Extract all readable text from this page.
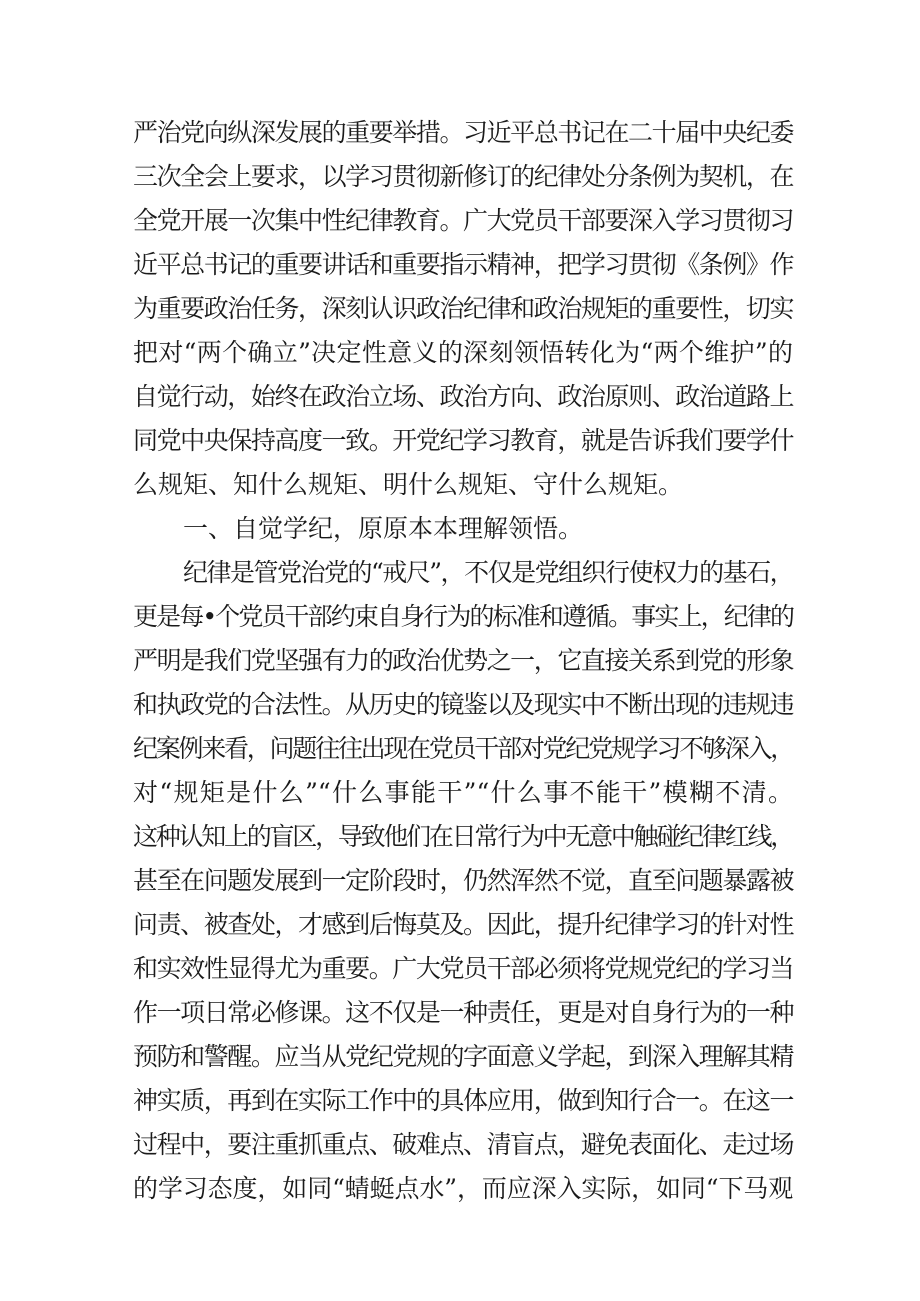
严治党向纵深发展的重要举措。习近平总书记在二十届中央纪委
三次全会上要求，以学习贯彻新修订的纪律处分条例为契机，在
全党开展一次集中性纪律教育。广大党员干部要深入学习贯彻习
近平总书记的重要讲话和重要指示精神，把学习贯彻《条例》作
为重要政治任务，深刻认识政治纪律和政治规矩的重要性，切实
把对“两个确立”决定性意义的深刻领悟转化为“两个维护”的
自觉行动，始终在政治立场、政治方向、政治原则、政治道路上
同党中央保持高度一致。开党纪学习教育，就是告诉我们要学什
么规矩、知什么规矩、明什么规矩、守什么规矩。
一、自觉学纪，原原本本理解领悟。
纪律是管党治党的“戒尺”，不仅是党组织行使权力的基石，
更是每•个党员干部约束自身行为的标准和遵循。事实上，纪律的
严明是我们党坚强有力的政治优势之一，它直接关系到党的形象
和执政党的合法性。从历史的镜鉴以及现实中不断出现的违规违
纪案例来看，问题往往出现在党员干部对党纪党规学习不够深入，
对“规矩是什么”“什么事能干”“什么事不能干”模糊不清。
这种认知上的盲区，导致他们在日常行为中无意中触碰纪律红线，
甚至在问题发展到一定阶段时，仍然浑然不觉，直至问题暴露被
问责、被查处，才感到后悔莫及。因此，提升纪律学习的针对性
和实效性显得尤为重要。广大党员干部必须将党规党纪的学习当
作一项日常必修课。这不仅是一种责任，更是对自身行为的一种
预防和警醒。应当从党纪党规的字面意义学起，到深入理解其精
神实质，再到在实际工作中的具体应用，做到知行合一。在这一
过程中，要注重抓重点、破难点、清盲点，避免表面化、走过场
的学习态度，如同“蜻蜓点水”，而应深入实际，如同“下马观
